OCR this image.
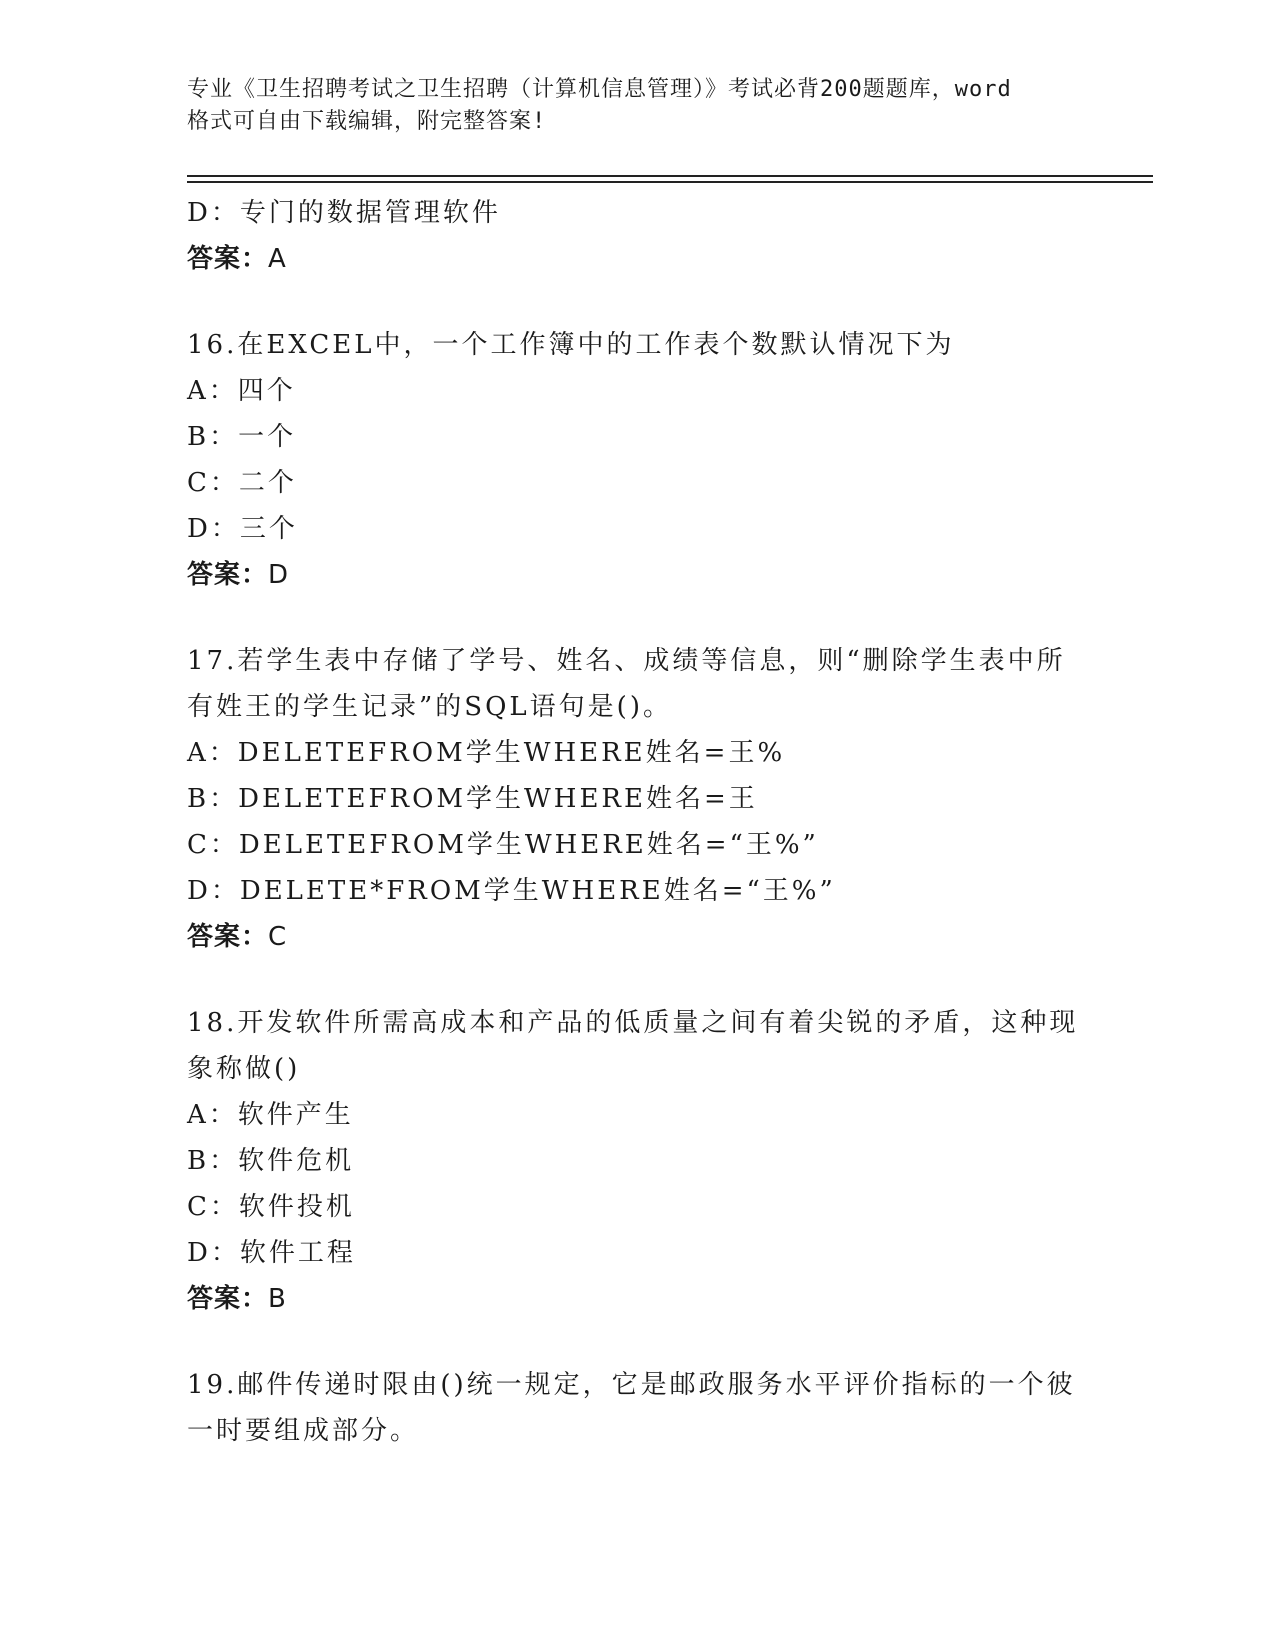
专业《卫生招聘考试之卫生招聘（计算机信息管理）》考试必背200题题库，word
格式可自由下载编辑，附完整答案!
D：专门的数据管理软件
答案：A
16.在EXCEL中，一个工作簿中的工作表个数默认情况下为
A：四个
B：一个
C：二个
D：三个
答案：D
17.若学生表中存储了学号、姓名、成绩等信息，则“删除学生表中所
有姓王的学生记录”的SQL语句是()。
A：DELETEFROM学生WHERE姓名=王%
B：DELETEFROM学生WHERE姓名=王
C：DELETEFROM学生WHERE姓名=“王%”
D：DELETE*FROM学生WHERE姓名=“王%”
答案：C
18.开发软件所需高成本和产品的低质量之间有着尖锐的矛盾，这种现
象称做()
A：软件产生
B：软件危机
C：软件投机
D：软件工程
答案：B
19.邮件传递时限由()统一规定，它是邮政服务水平评价指标的一个彼
一时要组成部分。
